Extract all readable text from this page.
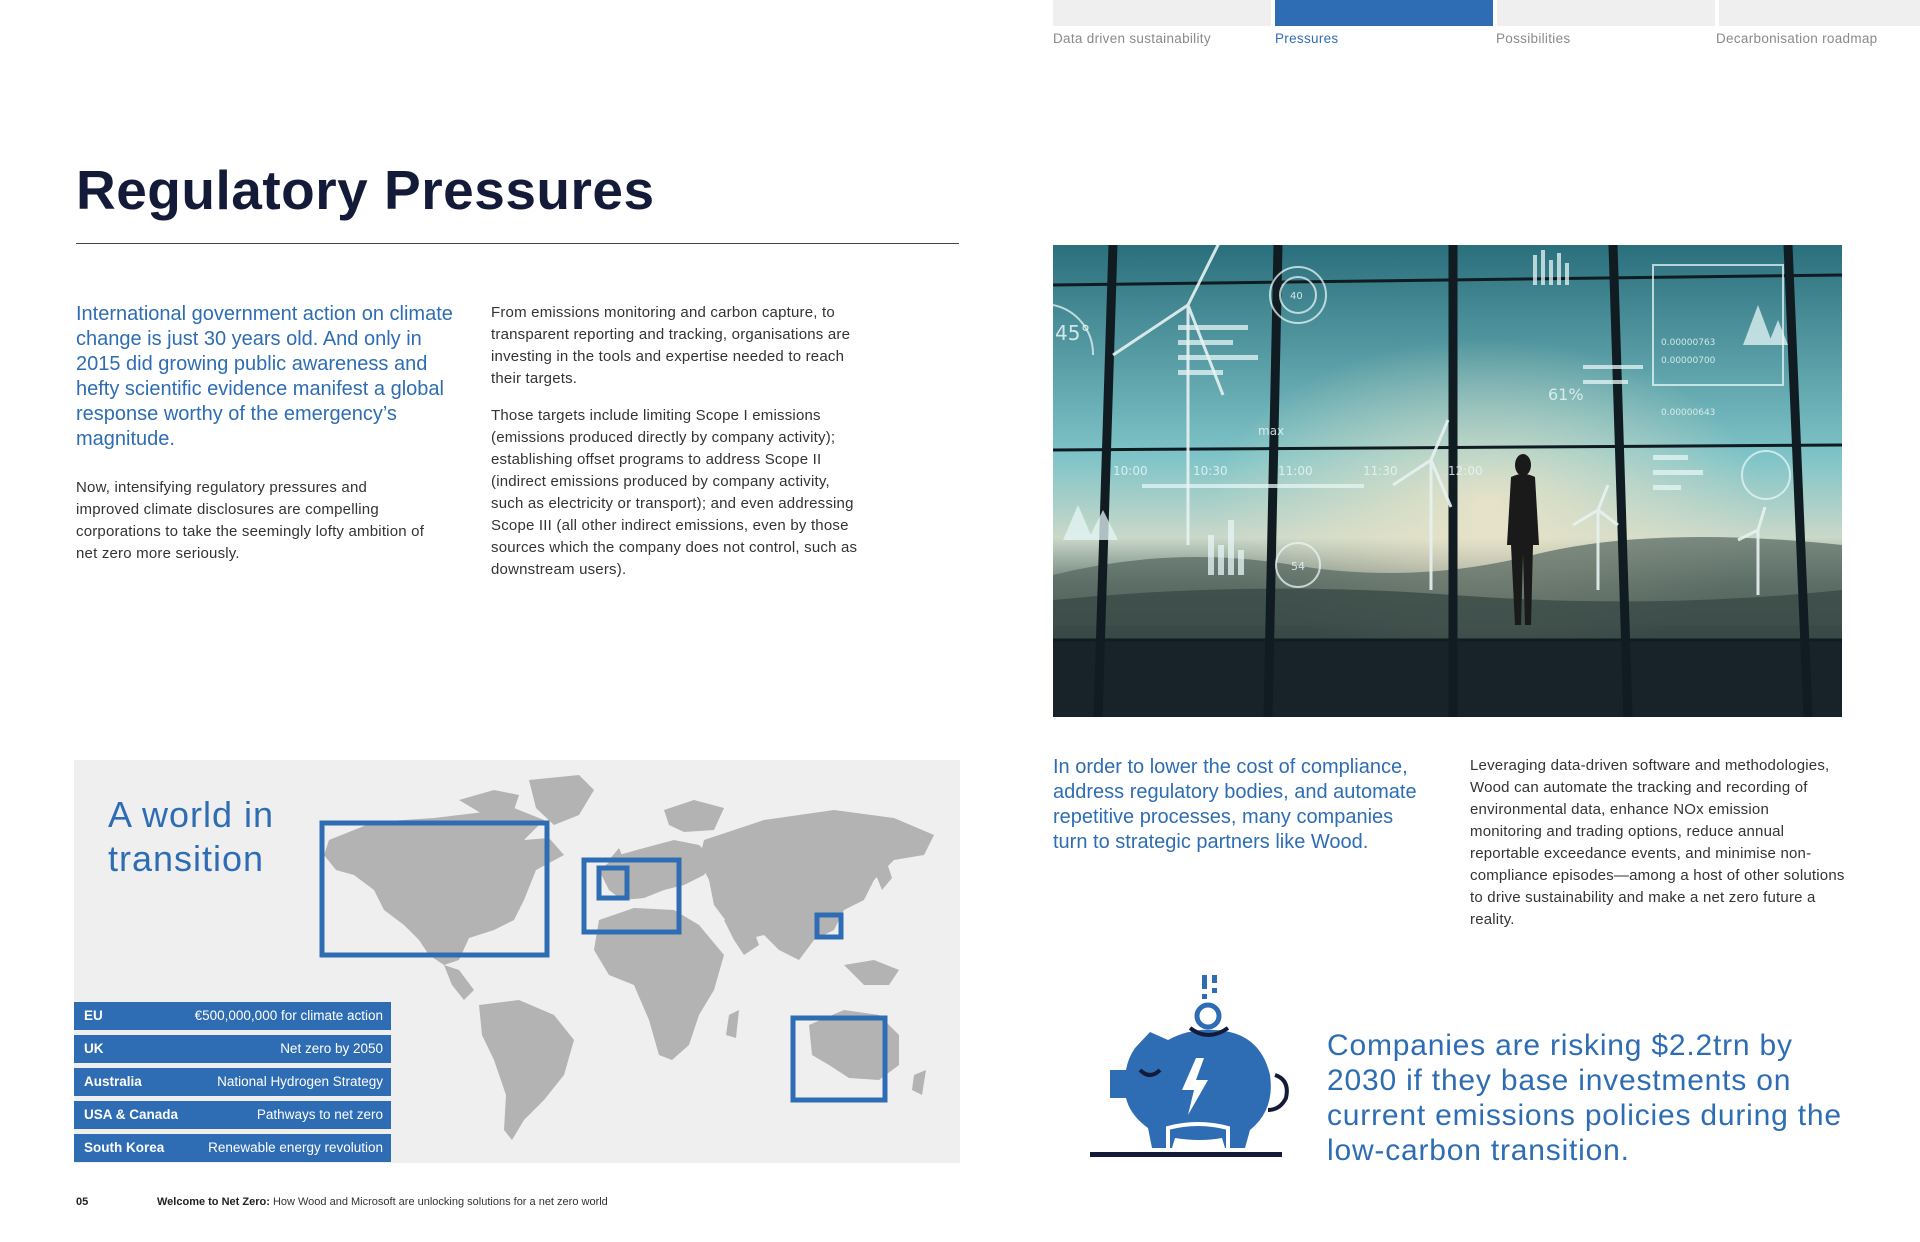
Data driven sustainability	Pressures	Possibilities	Decarbonisation roadmap
Regulatory Pressures
International government action on climate change is just 30 years old. And only in 2015 did growing public awareness and hefty scientific evidence manifest a global response worthy of the emergency’s magnitude.
Now, intensifying regulatory pressures and improved climate disclosures are compelling corporations to take the seemingly lofty ambition of net zero more seriously.
From emissions monitoring and carbon capture, to transparent reporting and tracking, organisations are investing in the tools and expertise needed to reach their targets.
Those targets include limiting Scope I emissions (emissions produced directly by company activity); establishing offset programs to address Scope II (indirect emissions produced by company activity, such as electricity or transport); and even addressing Scope III (all other indirect emissions, even by those sources which the company does not control, such as downstream users).
45°
61%
10:00	10:30	11:00	11:30	12:00
54
0.00000763
0.00000700
0.00000643
max
40
In order to lower the cost of compliance, address regulatory bodies, and automate repetitive processes, many companies turn to strategic partners like Wood.
Leveraging data-driven software and methodologies, Wood can automate the tracking and recording of environmental data, enhance NOx emission monitoring and trading options, reduce annual reportable exceedance events, and minimise non-compliance episodes—among a host of other solutions to drive sustainability and make a net zero future a reality.
A world in
transition
EU	€500,000,000 for climate action
UK	Net zero by 2050
Australia	National Hydrogen Strategy
USA & Canada	Pathways to net zero
South Korea	Renewable energy revolution
Companies are risking $2.2trn by 2030 if they base investments on current emissions policies during the low-carbon transition.
05	Welcome to Net Zero: How Wood and Microsoft are unlocking solutions for a net zero world
